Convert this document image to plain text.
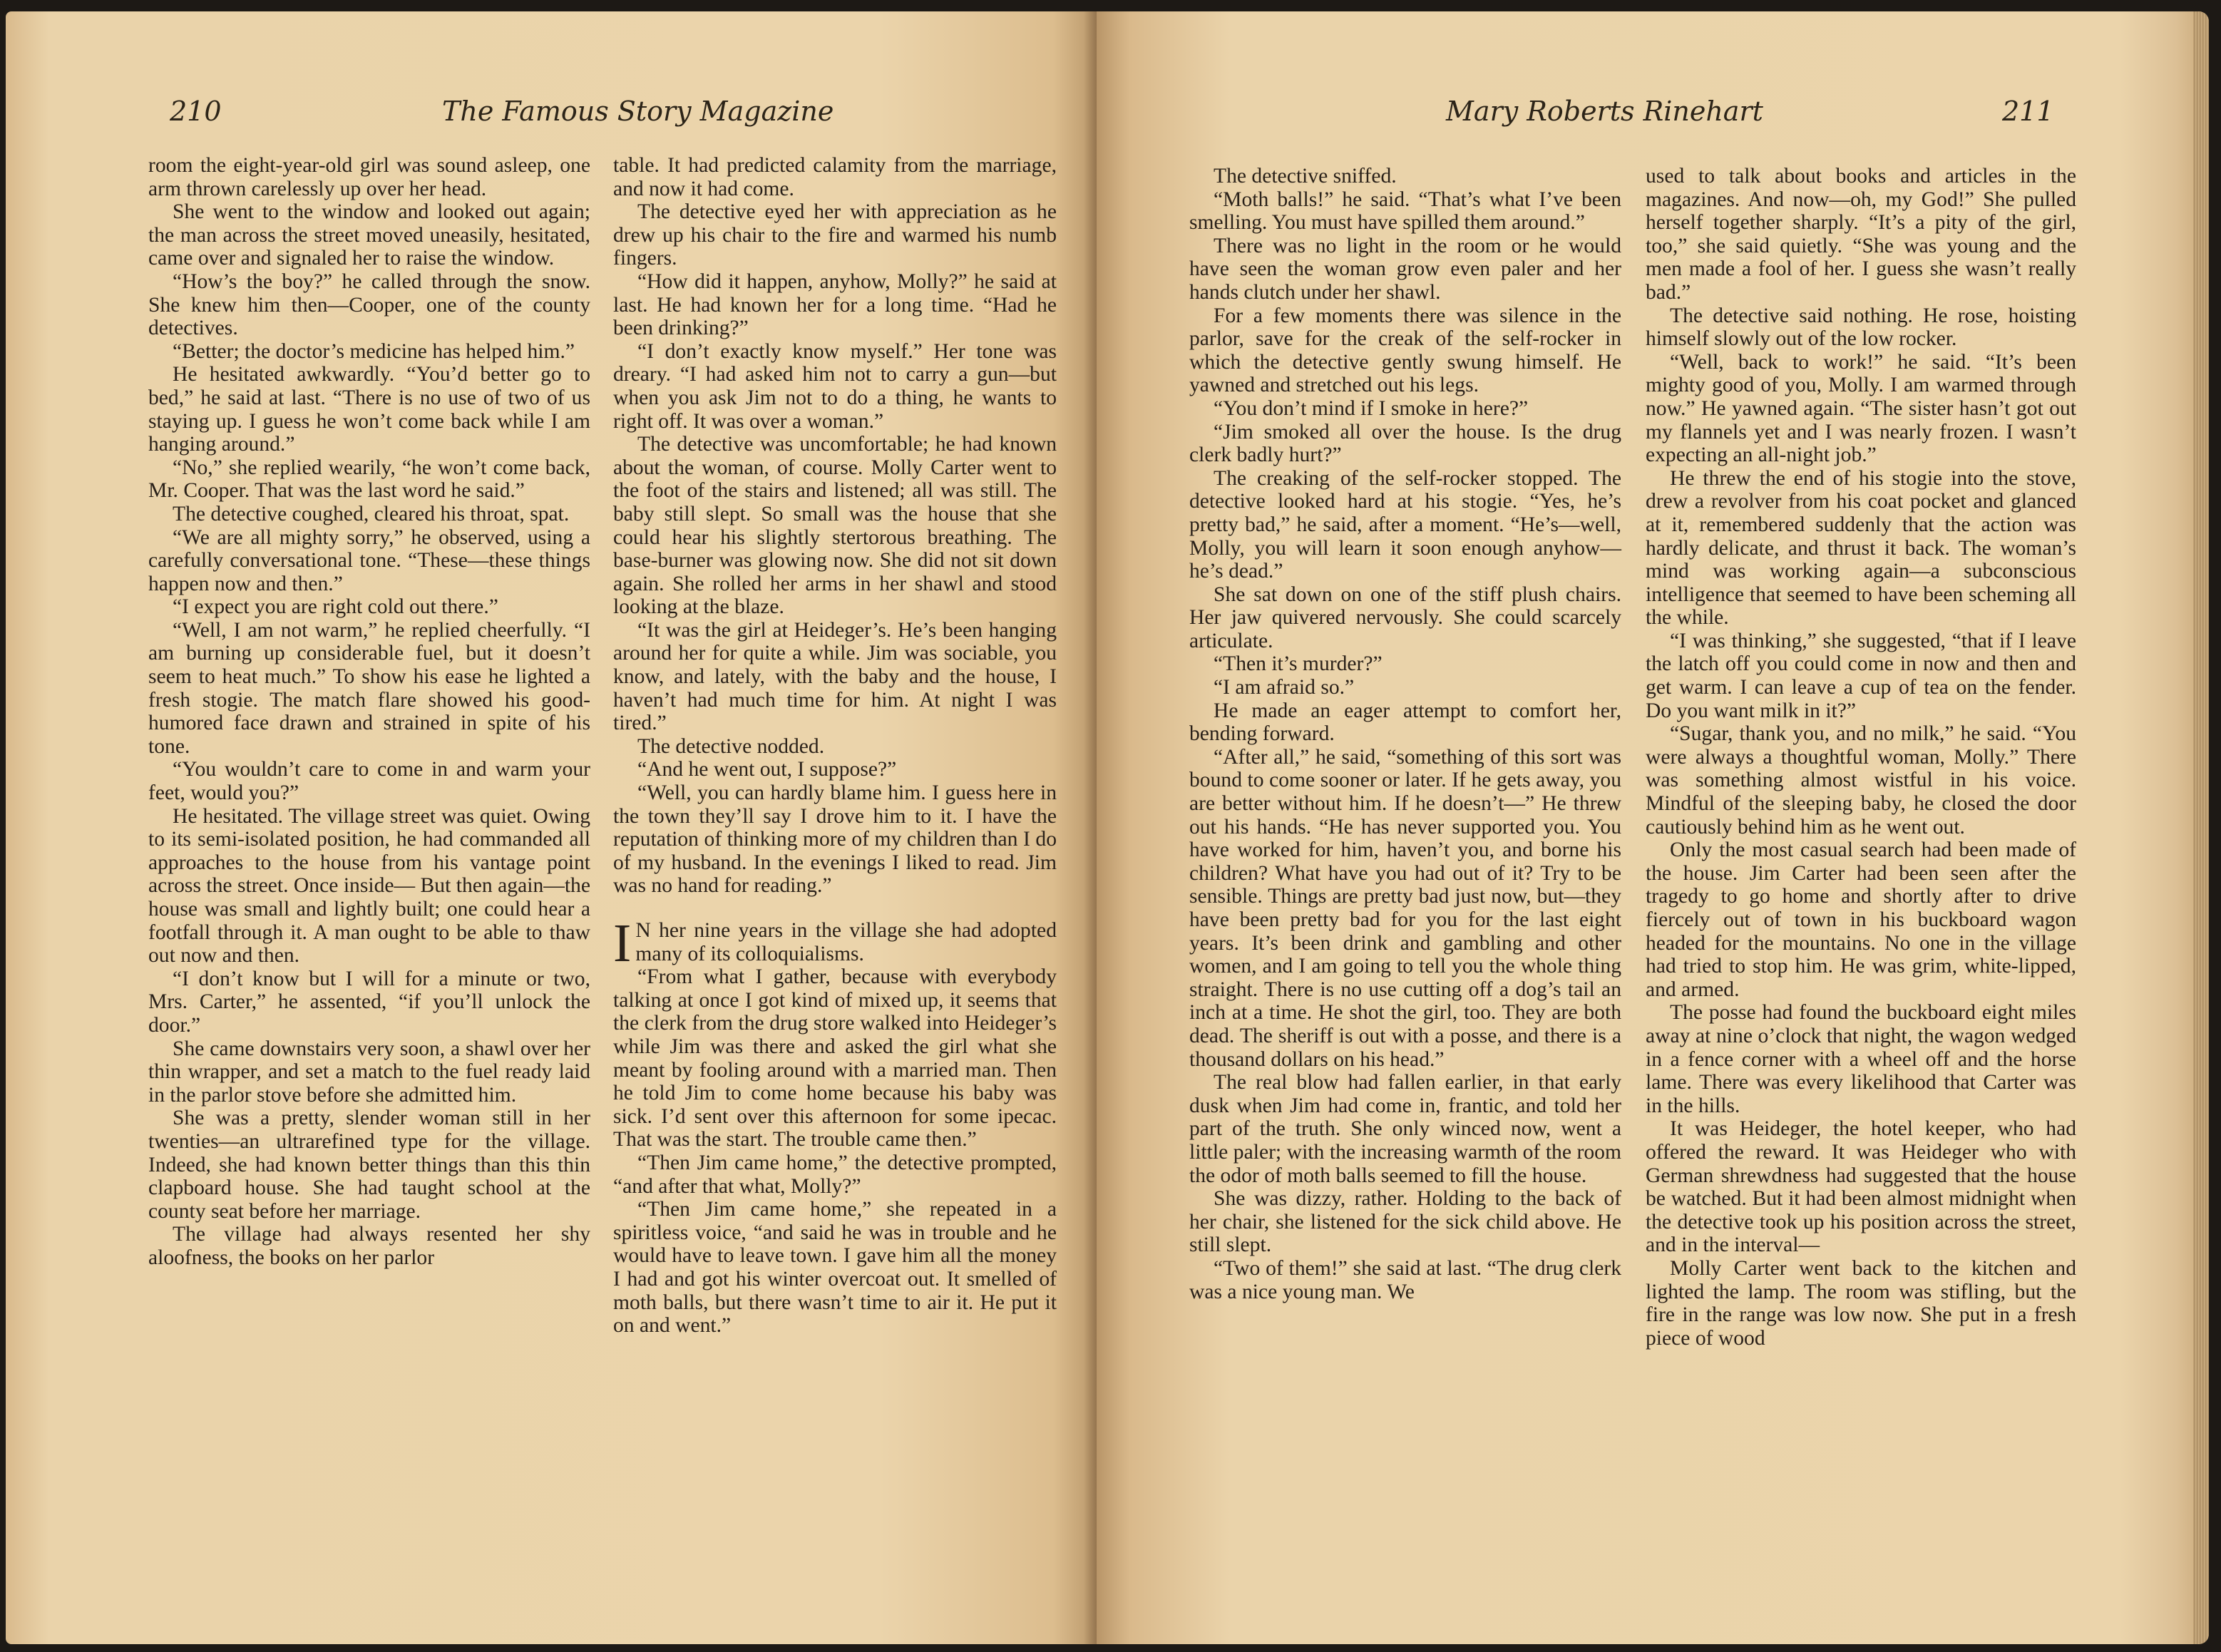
210	The Famous Story Magazine

room the eight-year-old girl was sound asleep, one arm thrown carelessly up over her head.

She went to the window and looked out again; the man across the street moved uneasily, hesitated, came over and signaled her to raise the window.

“How’s the boy?” he called through the snow. She knew him then—Cooper, one of the county detectives.

“Better; the doctor’s medicine has helped him.”

He hesitated awkwardly. “You’d better go to bed,” he said at last. “There is no use of two of us staying up. I guess he won’t come back while I am hanging around.”

“No,” she replied wearily, “he won’t come back, Mr. Cooper. That was the last word he said.”

The detective coughed, cleared his throat, spat.

“We are all mighty sorry,” he observed, using a carefully conversational tone. “These—these things happen now and then.”

“I expect you are right cold out there.”

“Well, I am not warm,” he replied cheerfully. “I am burning up considerable fuel, but it doesn’t seem to heat much.” To show his ease he lighted a fresh stogie. The match flare showed his good-humored face drawn and strained in spite of his tone.

“You wouldn’t care to come in and warm your feet, would you?”

He hesitated. The village street was quiet. Owing to its semi-isolated position, he had commanded all approaches to the house from his vantage point across the street. Once inside— But then again—the house was small and lightly built; one could hear a footfall through it. A man ought to be able to thaw out now and then.

“I don’t know but I will for a minute or two, Mrs. Carter,” he assented, “if you’ll unlock the door.”

She came downstairs very soon, a shawl over her thin wrapper, and set a match to the fuel ready laid in the parlor stove before she admitted him.

She was a pretty, slender woman still in her twenties—an ultrarefined type for the village. Indeed, she had known better things than this thin clapboard house. She had taught school at the county seat before her marriage.

The village had always resented her shy aloofness, the books on her parlor

table. It had predicted calamity from the marriage, and now it had come.

The detective eyed her with appreciation as he drew up his chair to the fire and warmed his numb fingers.

“How did it happen, anyhow, Molly?” he said at last. He had known her for a long time. “Had he been drinking?”

“I don’t exactly know myself.” Her tone was dreary. “I had asked him not to carry a gun—but when you ask Jim not to do a thing, he wants to right off. It was over a woman.”

The detective was uncomfortable; he had known about the woman, of course. Molly Carter went to the foot of the stairs and listened; all was still. The baby still slept. So small was the house that she could hear his slightly stertorous breathing. The base-burner was glowing now. She did not sit down again. She rolled her arms in her shawl and stood looking at the blaze.

“It was the girl at Heideger’s. He’s been hanging around her for quite a while. Jim was sociable, you know, and lately, with the baby and the house, I haven’t had much time for him. At night I was tired.”

The detective nodded.

“And he went out, I suppose?”

“Well, you can hardly blame him. I guess here in the town they’ll say I drove him to it. I have the reputation of thinking more of my children than I do of my husband. In the evenings I liked to read. Jim was no hand for reading.”

I N her nine years in the village she had adopted many of its colloquialisms.

“From what I gather, because with everybody talking at once I got kind of mixed up, it seems that the clerk from the drug store walked into Heideger’s while Jim was there and asked the girl what she meant by fooling around with a married man. Then he told Jim to come home because his baby was sick. I’d sent over this afternoon for some ipecac. That was the start. The trouble came then.”

“Then Jim came home,” the detective prompted, “and after that what, Molly?”

“Then Jim came home,” she repeated in a spiritless voice, “and said he was in trouble and he would have to leave town. I gave him all the money I had and got his winter overcoat out. It smelled of moth balls, but there wasn’t time to air it. He put it on and went.”

Mary Roberts Rinehart	211

The detective sniffed.

“Moth balls!” he said. “That’s what I’ve been smelling. You must have spilled them around.”

There was no light in the room or he would have seen the woman grow even paler and her hands clutch under her shawl.

For a few moments there was silence in the parlor, save for the creak of the self-rocker in which the detective gently swung himself. He yawned and stretched out his legs.

“You don’t mind if I smoke in here?”

“Jim smoked all over the house. Is the drug clerk badly hurt?”

The creaking of the self-rocker stopped. The detective looked hard at his stogie. “Yes, he’s pretty bad,” he said, after a moment. “He’s—well, Molly, you will learn it soon enough anyhow—he’s dead.”

She sat down on one of the stiff plush chairs. Her jaw quivered nervously. She could scarcely articulate.

“Then it’s murder?”

“I am afraid so.”

He made an eager attempt to comfort her, bending forward.

“After all,” he said, “something of this sort was bound to come sooner or later. If he gets away, you are better without him. If he doesn’t—” He threw out his hands. “He has never supported you. You have worked for him, haven’t you, and borne his children? What have you had out of it? Try to be sensible. Things are pretty bad just now, but—they have been pretty bad for you for the last eight years. It’s been drink and gambling and other women, and I am going to tell you the whole thing straight. There is no use cutting off a dog’s tail an inch at a time. He shot the girl, too. They are both dead. The sheriff is out with a posse, and there is a thousand dollars on his head.”

The real blow had fallen earlier, in that early dusk when Jim had come in, frantic, and told her part of the truth. She only winced now, went a little paler; with the increasing warmth of the room the odor of moth balls seemed to fill the house.

She was dizzy, rather. Holding to the back of her chair, she listened for the sick child above. He still slept.

“Two of them!” she said at last. “The drug clerk was a nice young man. We

used to talk about books and articles in the magazines. And now—oh, my God!” She pulled herself together sharply. “It’s a pity of the girl, too,” she said quietly. “She was young and the men made a fool of her. I guess she wasn’t really bad.”

The detective said nothing. He rose, hoisting himself slowly out of the low rocker.

“Well, back to work!” he said. “It’s been mighty good of you, Molly. I am warmed through now.” He yawned again. “The sister hasn’t got out my flannels yet and I was nearly frozen. I wasn’t expecting an all-night job.”

He threw the end of his stogie into the stove, drew a revolver from his coat pocket and glanced at it, remembered suddenly that the action was hardly delicate, and thrust it back. The woman’s mind was working again—a subconscious intelligence that seemed to have been scheming all the while.

“I was thinking,” she suggested, “that if I leave the latch off you could come in now and then and get warm. I can leave a cup of tea on the fender. Do you want milk in it?”

“Sugar, thank you, and no milk,” he said. “You were always a thoughtful woman, Molly.” There was something almost wistful in his voice. Mindful of the sleeping baby, he closed the door cautiously behind him as he went out.

Only the most casual search had been made of the house. Jim Carter had been seen after the tragedy to go home and shortly after to drive fiercely out of town in his buckboard wagon headed for the mountains. No one in the village had tried to stop him. He was grim, white-lipped, and armed.

The posse had found the buckboard eight miles away at nine o’clock that night, the wagon wedged in a fence corner with a wheel off and the horse lame. There was every likelihood that Carter was in the hills.

It was Heideger, the hotel keeper, who had offered the reward. It was Heideger who with German shrewdness had suggested that the house be watched. But it had been almost midnight when the detective took up his position across the street, and in the interval—

Molly Carter went back to the kitchen and lighted the lamp. The room was stifling, but the fire in the range was low now. She put in a fresh piece of wood
